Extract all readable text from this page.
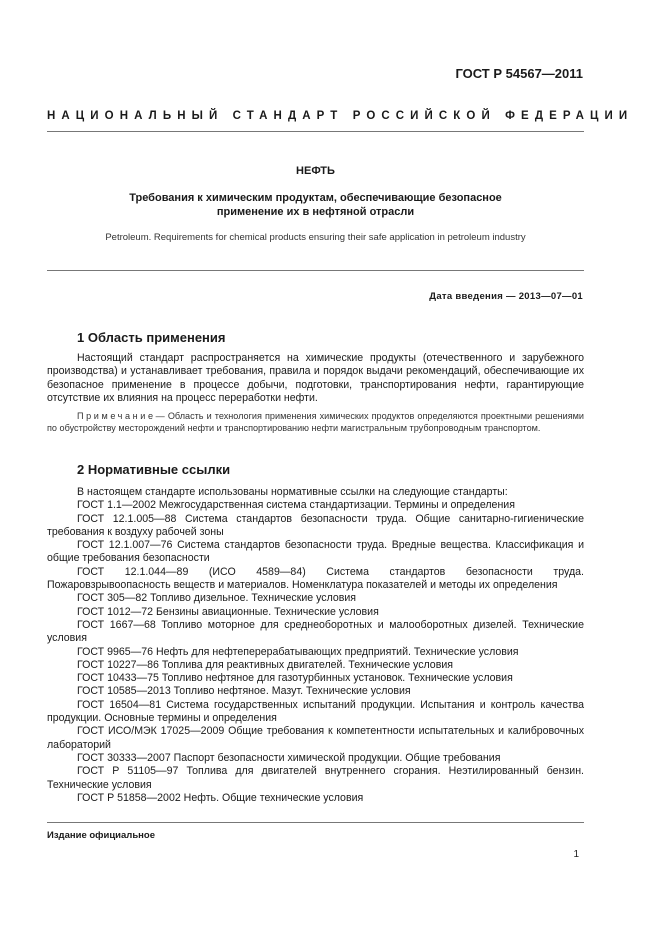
ГОСТ Р 54567—2011
НАЦИОНАЛЬНЫЙ СТАНДАРТ РОССИЙСКОЙ ФЕДЕРАЦИИ
НЕФТЬ
Требования к химическим продуктам, обеспечивающие безопасное
применение их в нефтяной отрасли
Petroleum. Requirements for chemical products ensuring their safe application in petroleum industry
Дата введения — 2013—07—01
1 Область применения

Настоящий стандарт распространяется на химические продукты (отечественного и зарубежного производства) и устанавливает требования, правила и порядок выдачи рекомендаций, обеспечивающие их безопасное применение в процессе добычи, подготовки, транспортирования нефти, гарантирующие отсутствие их влияния на процесс переработки нефти.

Примечание— Область и технология применения химических продуктов определяются проектными решениями по обустройству месторождений нефти и транспортированию нефти магистральным трубопроводным транспортом.

2 Нормативные ссылки

В настоящем стандарте использованы нормативные ссылки на следующие стандарты:

ГОСТ 1.1—2002 Межгосударственная система стандартизации. Термины и определения

ГОСТ 12.1.005—88 Система стандартов безопасности труда. Общие санитарно-гигиенические требования к воздуху рабочей зоны

ГОСТ 12.1.007—76 Система стандартов безопасности труда. Вредные вещества. Классификация и общие требования безопасности

ГОСТ 12.1.044—89 (ИСО 4589—84) Система стандартов безопасности труда. Пожаровзрывоопасность веществ и материалов. Номенклатура показателей и методы их определения

ГОСТ 305—82 Топливо дизельное. Технические условия

ГОСТ 1012—72 Бензины авиационные. Технические условия

ГОСТ 1667—68 Топливо моторное для среднеоборотных и малооборотных дизелей. Технические условия

ГОСТ 9965—76 Нефть для нефтеперерабатывающих предприятий. Технические условия

ГОСТ 10227—86 Топлива для реактивных двигателей. Технические условия

ГОСТ 10433—75 Топливо нефтяное для газотурбинных установок. Технические условия

ГОСТ 10585—2013 Топливо нефтяное. Мазут. Технические условия

ГОСТ 16504—81 Система государственных испытаний продукции. Испытания и контроль качества продукции. Основные термины и определения

ГОСТ ИСО/МЭК 17025—2009 Общие требования к компетентности испытательных и калибровочных лабораторий

ГОСТ 30333—2007 Паспорт безопасности химической продукции. Общие требования

ГОСТ Р 51105—97 Топлива для двигателей внутреннего сгорания. Неэтилированный бензин. Технические условия

ГОСТ Р 51858—2002 Нефть. Общие технические условия

Издание официальное
1
